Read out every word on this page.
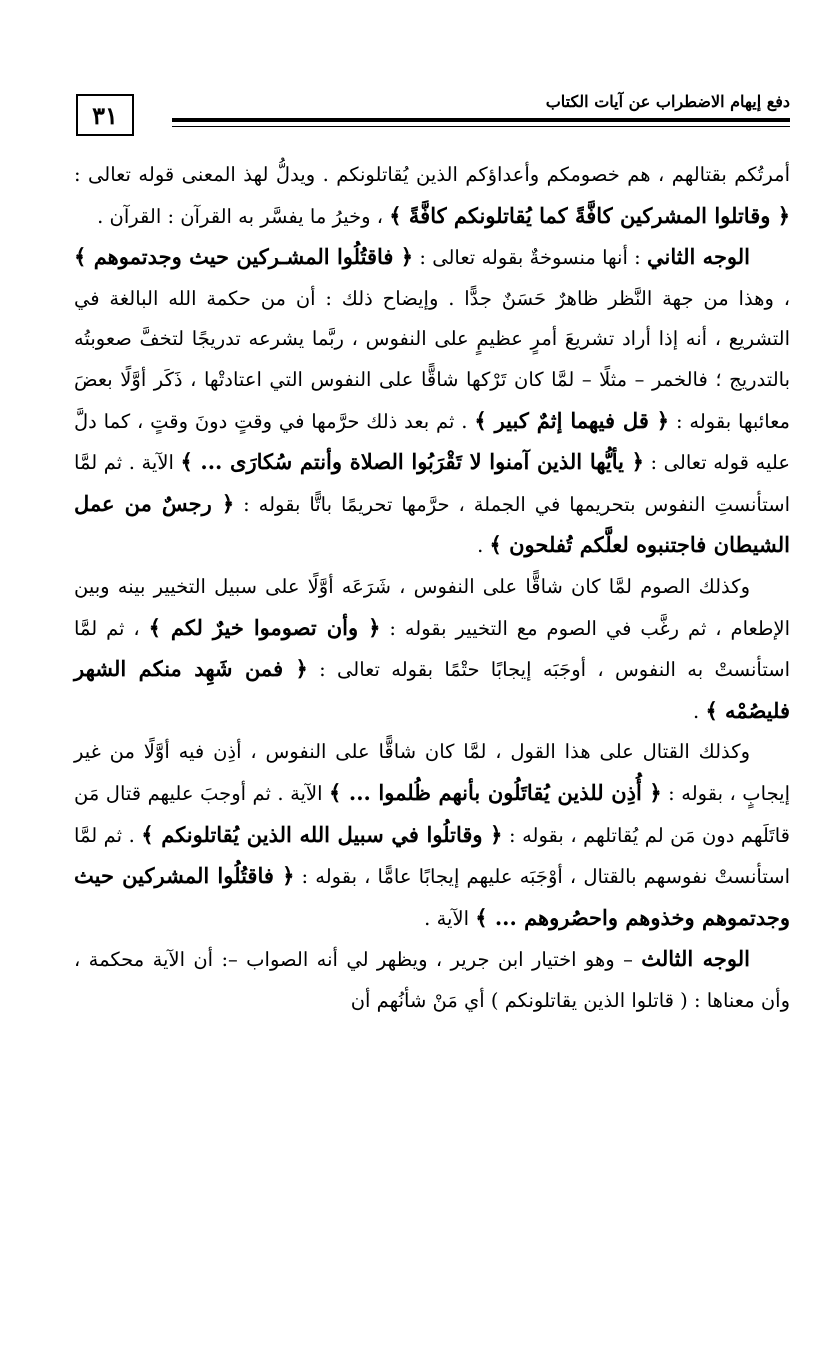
٣١	دفع إيهام الاضطراب عن آيات الكتاب

أمرتُكم بقتالهم ، هم خصومكم وأعداؤكم الذين يُقاتلونكم . ويدلُّ لهذ المعنى قوله تعالى : ﴿ وقاتلوا المشركين كافَّةً كما يُقاتلونكم كافَّةً ﴾ ، وخيرُ ما يفسَّر به القرآن : القرآن .

الوجه الثاني : أنها منسوخةٌ بقوله تعالى : ﴿ فاقتُلُوا المشـركين حيث وجدتموهم ﴾ ، وهذا من جهة النَّظر ظاهرٌ حَسَنٌ جدًّا . وإيضاح ذلك : أن من حكمة الله البالغة في التشريع ، أنه إذا أراد تشريعَ أمرٍ عظيمٍ على النفوس ، ربَّما يشرعه تدريجًا لتخفَّ صعوبتُه بالتدريج ؛ فالخمر – مثلًا – لمَّا كان تَرْكها شاقًّا على النفوس التي اعتادتْها ، ذَكَر أوَّلًا بعضَ معائبها بقوله : ﴿ قل فيهما إثمٌ كبير ﴾ . ثم بعد ذلك حرَّمها في وقتٍ دونَ وقتٍ ، كما دلَّ عليه قوله تعالى : ﴿ يأيُّها الذين آمنوا لا تَقْرَبُوا الصلاة وأنتم سُكارَى ... ﴾ الآية . ثم لمَّا استأنستِ النفوس بتحريمها في الجملة ، حرَّمها تحريمًا باتًّا بقوله : ﴿ رجسٌ من عمل الشيطان فاجتنبوه لعلَّكم تُفلحون ﴾ .

وكذلك الصوم لمَّا كان شاقًّا على النفوس ، شَرَعَه أوَّلًا على سبيل التخيير بينه وبين الإطعام ، ثم رغَّب في الصوم مع التخيير بقوله : ﴿ وأن تصوموا خيرٌ لكم ﴾ ، ثم لمَّا استأنستْ به النفوس ، أوجَبَه إيجابًا حتْمًا بقوله تعالى : ﴿ فمن شَهِد منكم الشهر فليصُمْه ﴾ .

وكذلك القتال على هذا القول ، لمَّا كان شاقًّا على النفوس ، أذِن فيه أوَّلًا من غير إيجابٍ ، بقوله : ﴿ أُذِن للذين يُقاتَلُون بأنهم ظُلموا ... ﴾ الآية . ثم أوجبَ عليهم قتال مَن قاتَلَهم دون مَن لم يُقاتلهم ، بقوله : ﴿ وقاتلُوا في سبيل الله الذين يُقاتلونكم ﴾ . ثم لمَّا استأنستْ نفوسهم بالقتال ، أوْجَبَه عليهم إيجابًا عامًّا ، بقوله : ﴿ فاقتُلُوا المشركين حيث وجدتموهم وخذوهم واحصُروهم ... ﴾ الآية .

الوجه الثالث – وهو اختيار ابن جرير ، ويظهر لي أنه الصواب –: أن الآية محكمة ، وأن معناها : ( قاتلوا الذين يقاتلونكم ) أي مَنْ شأنُهم أن
